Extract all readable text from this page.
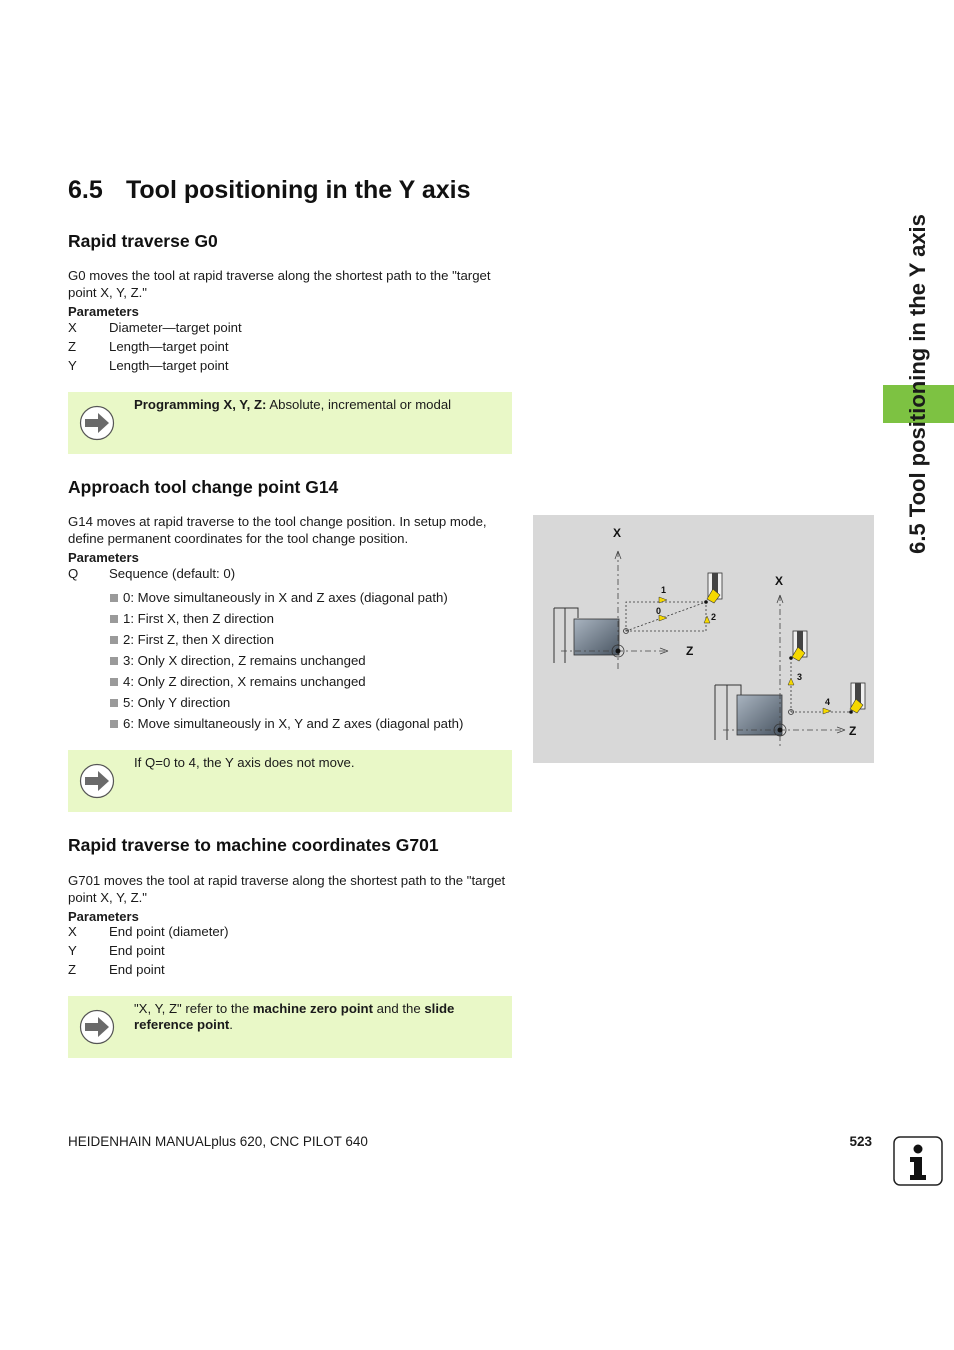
6.5 Tool positioning in the Y axis
6.5 Tool positioning in the Y axis
Rapid traverse G0
G0 moves the tool at rapid traverse along the shortest path to the "target point X, Y, Z."
Parameters
X Diameter—target point
Z Length—target point
Y Length—target point
Programming X, Y, Z: Absolute, incremental or modal
Approach tool change point G14
G14 moves at rapid traverse to the tool change position. In setup mode, define permanent coordinates for the tool change position.
Parameters
Q Sequence (default: 0)
0: Move simultaneously in X and Z axes (diagonal path)
1: First X, then Z direction
2: First Z, then X direction
3: Only X direction, Z remains unchanged
4: Only Z direction, X remains unchanged
5: Only Y direction
6: Move simultaneously in X, Y and Z axes (diagonal path)
If Q=0 to 4, the Y axis does not move.
X
Z
1
0
2
X
Z
3
4
Rapid traverse to machine coordinates G701
G701 moves the tool at rapid traverse along the shortest path to the "target point X, Y, Z."
Parameters
X End point (diameter)
Y End point
Z End point
"X, Y, Z" refer to the machine zero point and the slide reference point.
HEIDENHAIN MANUALplus 620, CNC PILOT 640	523
